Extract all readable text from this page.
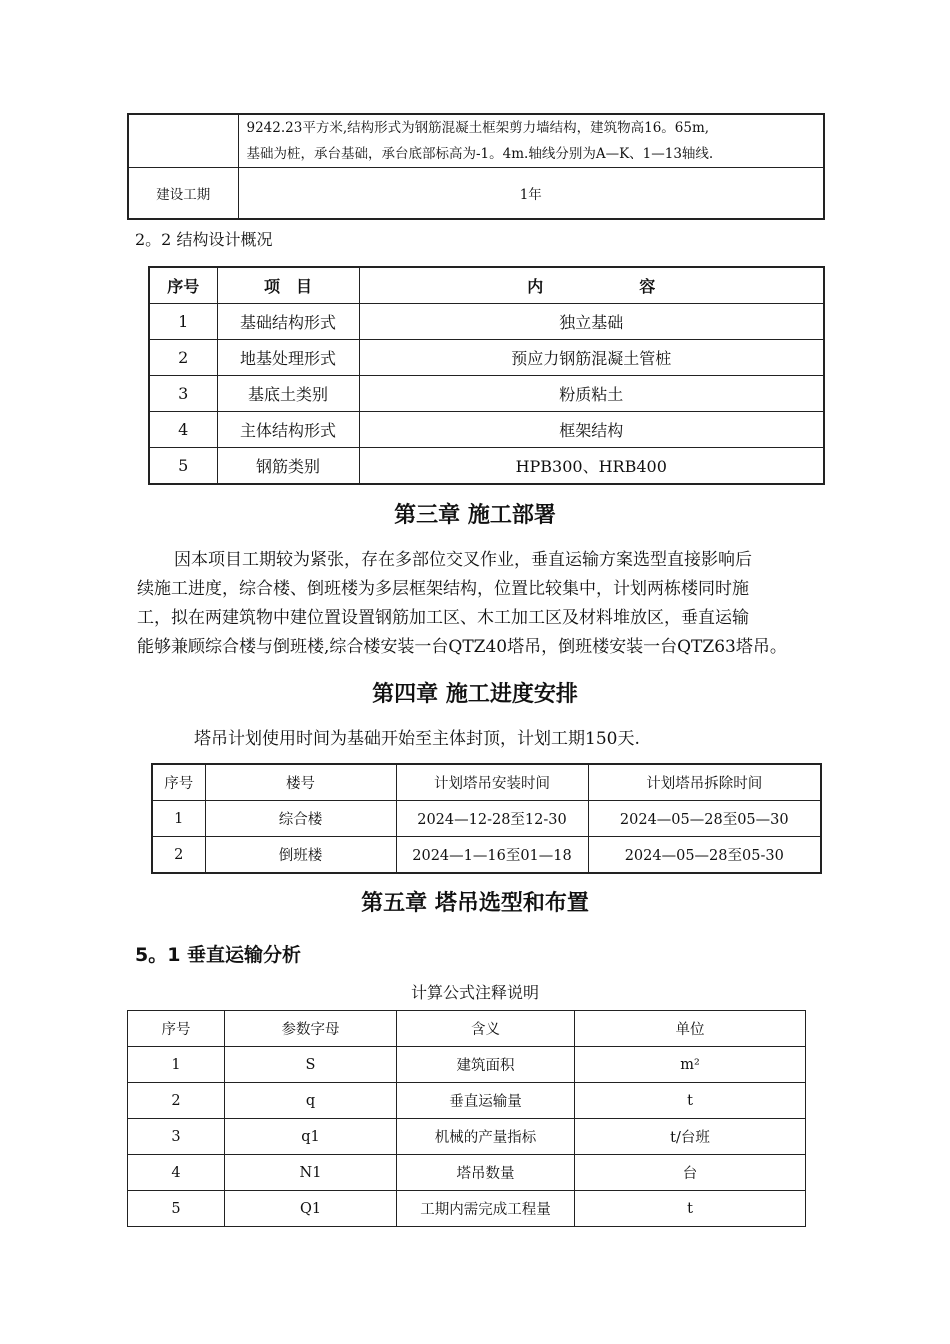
	9242.23平方米,结构形式为钢筋混凝土框架剪力墙结构，建筑物高16。65m,
基础为桩，承台基础，承台底部标高为-1。4m.轴线分别为A—K、1—13轴线.

建设工期	1年
2。2 结构设计概况
序号	项　目	内　　　　　　容
1	基础结构形式	独立基础
2	地基处理形式	预应力钢筋混凝土管桩
3	基底土类别	粉质粘土
4	主体结构形式	框架结构
5	钢筋类别	HPB300、HRB400
第三章 施工部署
因本项目工期较为紧张，存在多部位交叉作业，垂直运输方案选型直接影响后
续施工进度，综合楼、倒班楼为多层框架结构，位置比较集中，计划两栋楼同时施
工，拟在两建筑物中建位置设置钢筋加工区、木工加工区及材料堆放区，垂直运输
能够兼顾综合楼与倒班楼,综合楼安装一台QTZ40塔吊，倒班楼安装一台QTZ63塔吊。
第四章 施工进度安排
塔吊计划使用时间为基础开始至主体封顶，计划工期150天.
序号	楼号	计划塔吊安装时间	计划塔吊拆除时间
1	综合楼	2024—12-28至12-30	2024—05—28至05—30
2	倒班楼	2024—1—16至01—18	2024—05—28至05-30
第五章 塔吊选型和布置
5。1 垂直运输分析
计算公式注释说明
序号	参数字母	含义	单位
1	S	建筑面积	m²
2	q	垂直运输量	t
3	q1	机械的产量指标	t/台班
4	N1	塔吊数量	台
5	Q1	工期内需完成工程量	t
